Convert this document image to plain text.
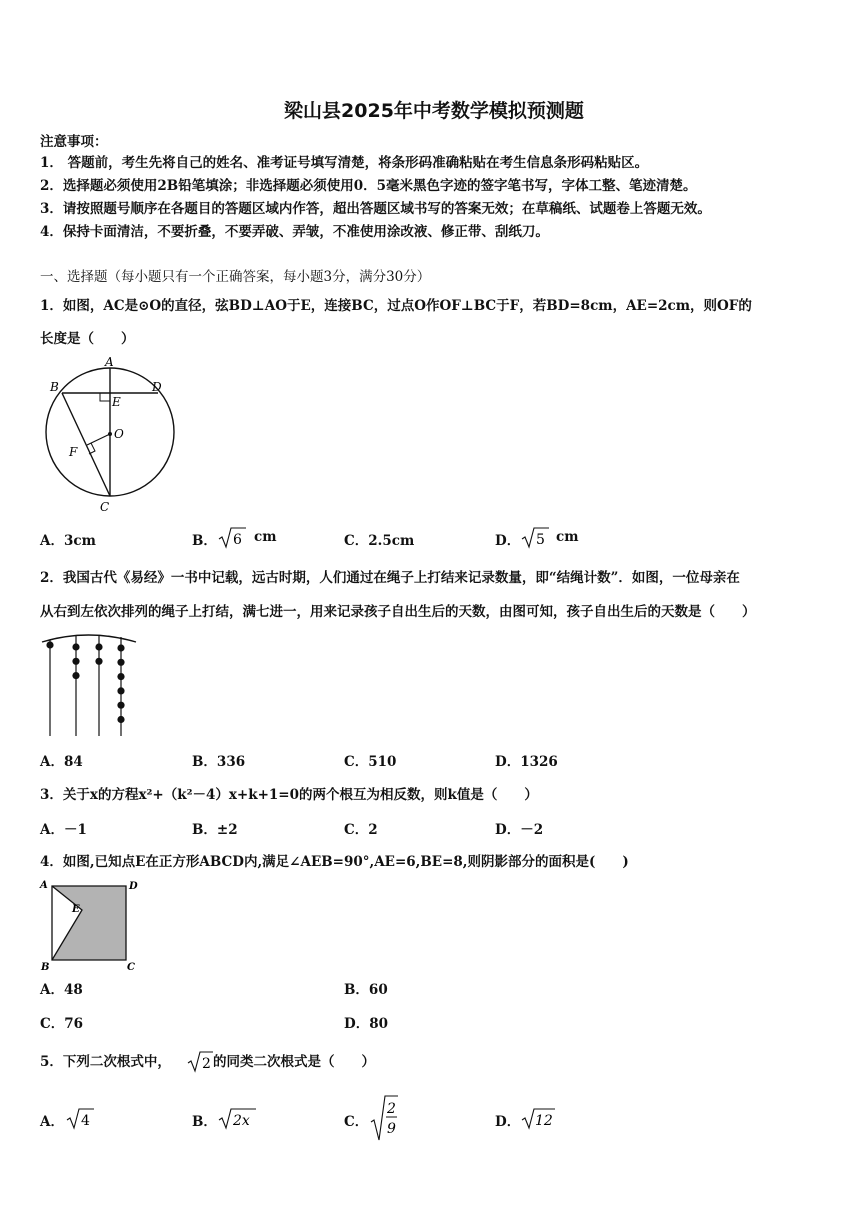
梁山县2025年中考数学模拟预测题
注意事项：
1． 答题前，考生先将自己的姓名、准考证号填写清楚，将条形码准确粘贴在考生信息条形码粘贴区。
2．选择题必须使用2B铅笔填涂；非选择题必须使用0．5毫米黑色字迹的签字笔书写，字体工整、笔迹清楚。
3．请按照题号顺序在各题目的答题区域内作答，超出答题区域书写的答案无效；在草稿纸、试题卷上答题无效。
4．保持卡面清洁，不要折叠，不要弄破、弄皱，不准使用涂改液、修正带、刮纸刀。
一、选择题（每小题只有一个正确答案，每小题3分，满分30分）
1．如图，AC是⊙O的直径，弦BD⊥AO于E，连接BC，过点O作OF⊥BC于F，若BD=8cm，AE=2cm，则OF的
长度是（　　）
A
B	D
E
O
F
C
A．3cm	B． 6 cm	C．2.5cm	D． 5 cm
2．我国古代《易经》一书中记载，远古时期，人们通过在绳子上打结来记录数量，即“结绳计数”．如图，一位母亲在
从右到左依次排列的绳子上打结，满七进一，用来记录孩子自出生后的天数，由图可知，孩子自出生后的天数是（　　）
A．84	B．336	C．510	D．1326
3．关于x的方程x²+（k²－4）x+k+1=0的两个根互为相反数，则k值是（　　）
A．－1	B．±2	C．2	D．－2
4．如图,已知点E在正方形ABCD内,满足∠AEB=90°,AE=6,BE=8,则阴影部分的面积是(　　)
A	D
E
B	C
A．48	B．60
C．76	D．80
5．下列二次根式中， 2 的同类二次根式是（　　）
A． 4	B． 2x	C．
2
9	D． 12
